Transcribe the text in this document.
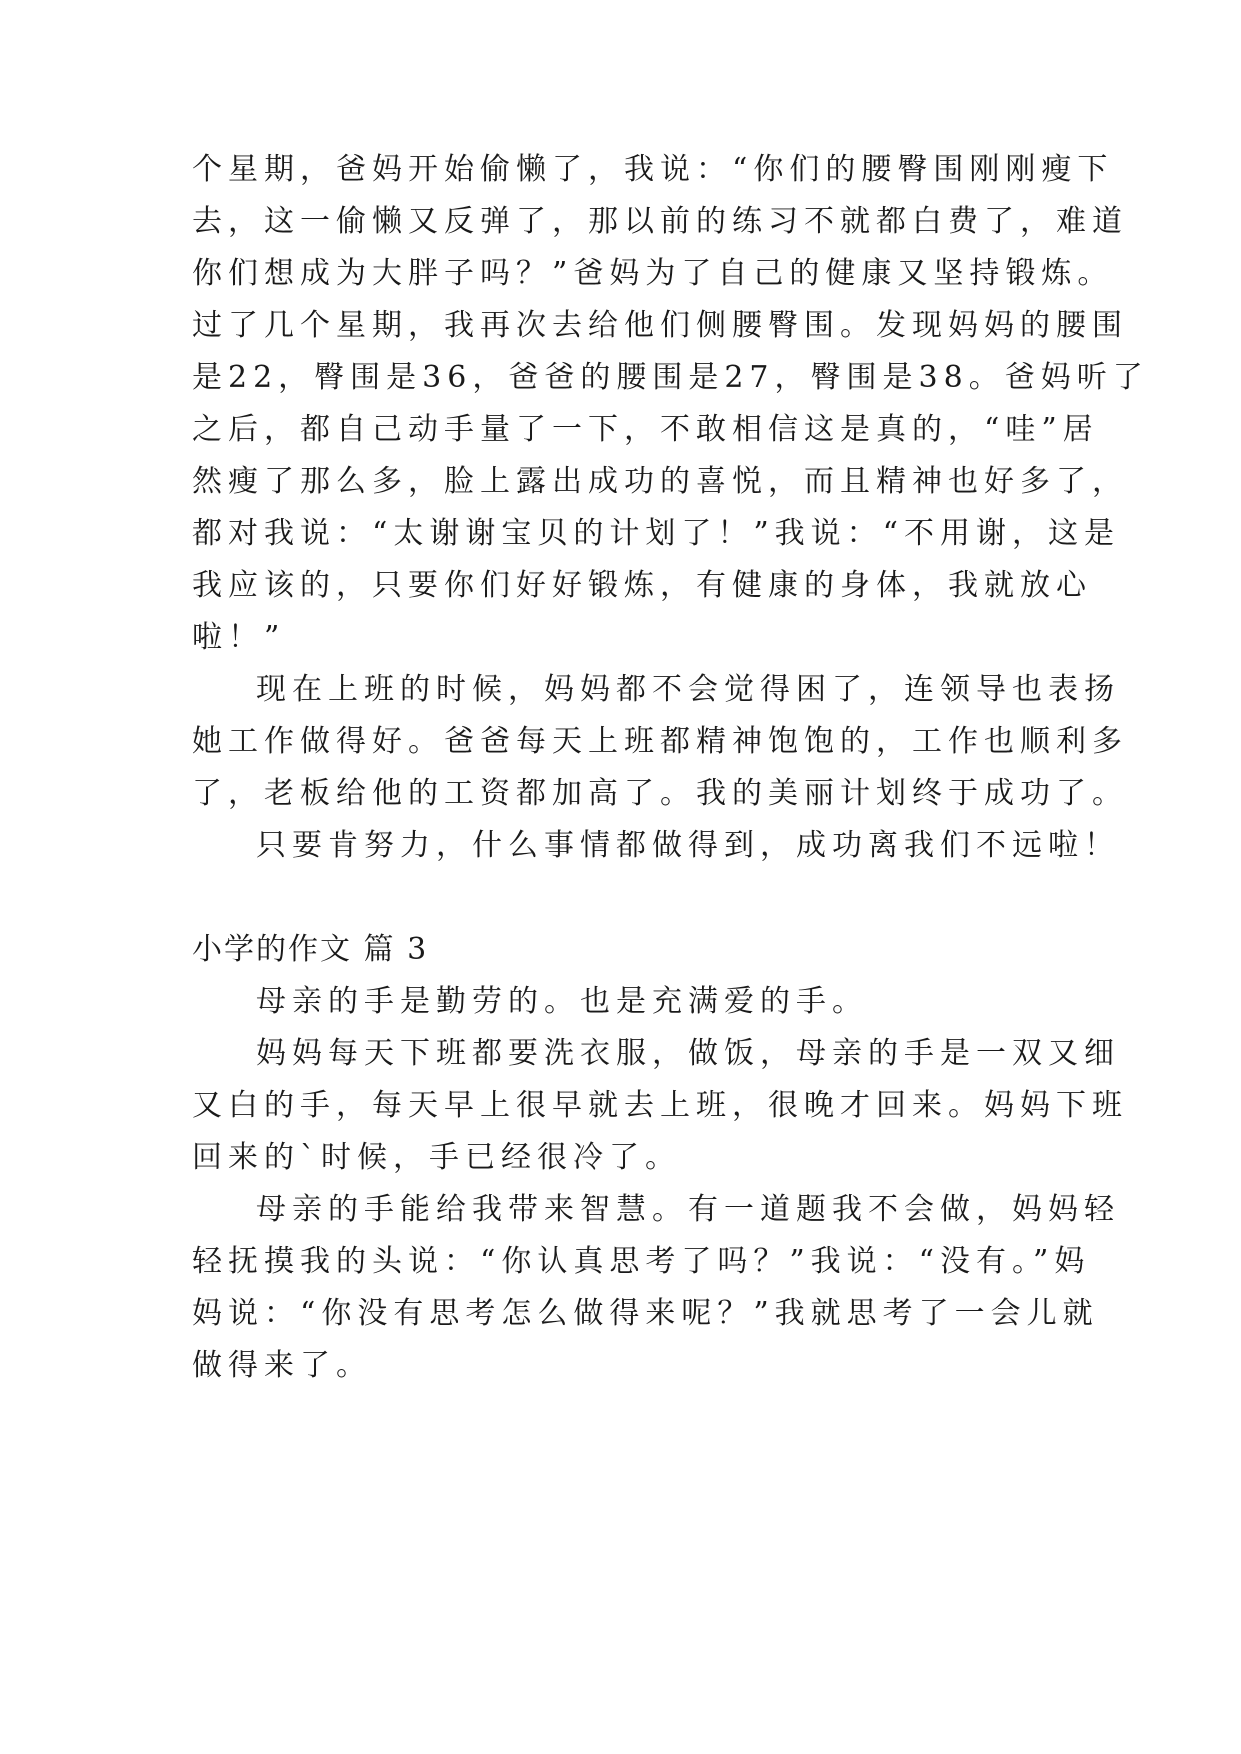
个星期，爸妈开始偷懒了，我说：“你们的腰臀围刚刚瘦下
去，这一偷懒又反弹了，那以前的练习不就都白费了，难道
你们想成为大胖子吗？”爸妈为了自己的健康又坚持锻炼。
过了几个星期，我再次去给他们侧腰臀围。发现妈妈的腰围
是22，臀围是36，爸爸的腰围是27，臀围是38。爸妈听了
之后，都自己动手量了一下，不敢相信这是真的，“哇”居
然瘦了那么多，脸上露出成功的喜悦，而且精神也好多了，
都对我说：“太谢谢宝贝的计划了！”我说：“不用谢，这是
我应该的，只要你们好好锻炼，有健康的身体，我就放心
啦！”
现在上班的时候，妈妈都不会觉得困了，连领导也表扬
她工作做得好。爸爸每天上班都精神饱饱的，工作也顺利多
了，老板给他的工资都加高了。我的美丽计划终于成功了。
只要肯努力，什么事情都做得到，成功离我们不远啦！
小学的作文 篇 3
母亲的手是勤劳的。也是充满爱的手。
妈妈每天下班都要洗衣服，做饭，母亲的手是一双又细
又白的手，每天早上很早就去上班，很晚才回来。妈妈下班
回来的`时候，手已经很冷了。
母亲的手能给我带来智慧。有一道题我不会做，妈妈轻
轻抚摸我的头说：“你认真思考了吗？”我说：“没有。”妈
妈说：“你没有思考怎么做得来呢？”我就思考了一会儿就
做得来了。
